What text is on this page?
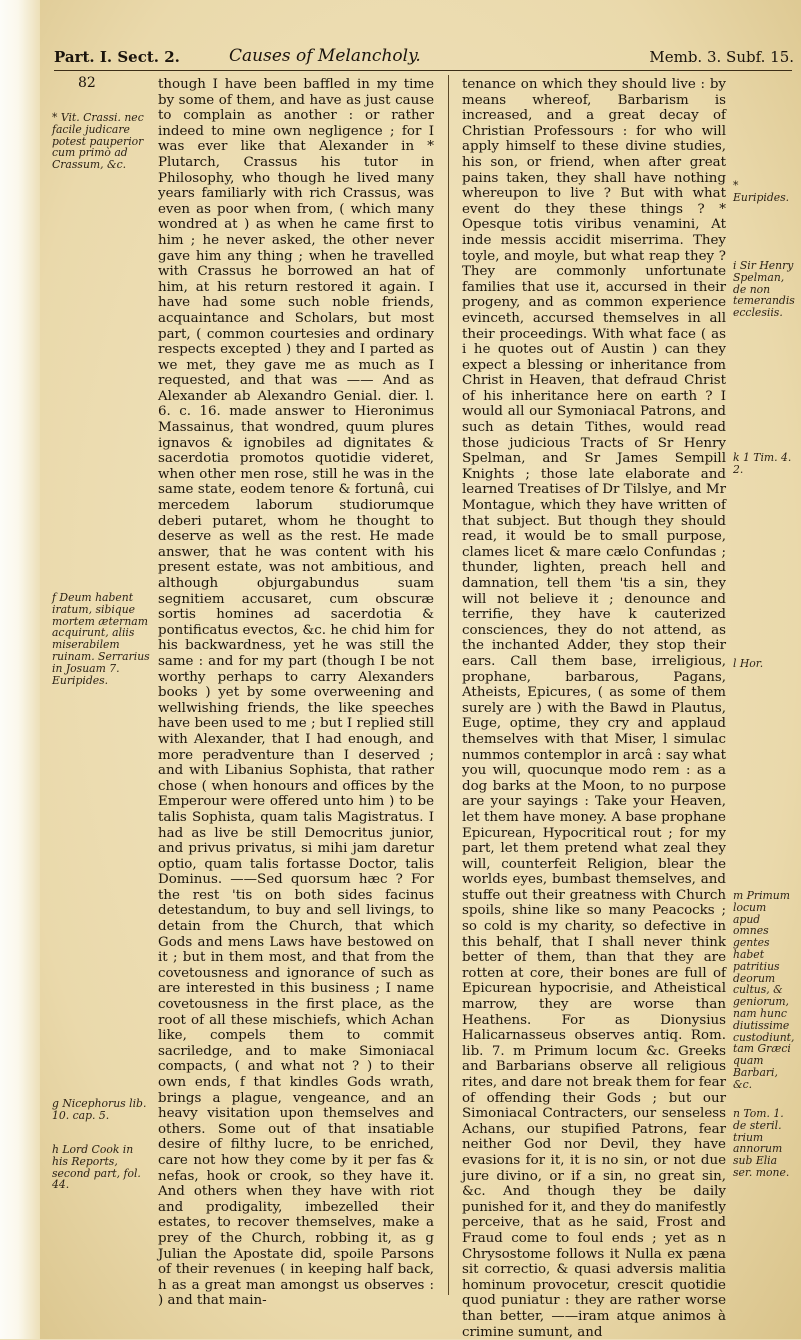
Part. I. Sect. 2.	Causes of Melancholy.	Memb. 3. Subf. 15.
82
* Vit. Crassi. nec facile judicare potest pauperior cum primò ad Crassum, &c.
f Deum habent iratum, sibique mortem æternam acquirunt, aliis miserabilem ruinam. Serrarius in Josuam 7. Euripides.
g Nicephorus lib. 10. cap. 5.
h Lord Cook in his Reports, second part, fol. 44.

though I have been baffled in my time by some of them, and have as just cause to complain as another : or rather indeed to mine own negligence ; for I was ever like that Alexander in * Plutarch, Crassus his tutor in Philosophy, who though he lived many years familiarly with rich Crassus, was even as poor when from, ( which many wondred at ) as when he came first to him ; he never asked, the other never gave him any thing ; when he travelled with Crassus he borrowed an hat of him, at his return restored it again. I have had some such noble friends, acquaintance and Scholars, but most part, ( common courtesies and ordinary respects excepted ) they and I parted as we met, they gave me as much as I requested, and that was —— And as Alexander ab Alexandro Genial. dier. l. 6. c. 16. made answer to Hieronimus Massainus, that wondred, quum plures ignavos & ignobiles ad dignitates & sacerdotia promotos quotidie videret, when other men rose, still he was in the same state, eodem tenore & fortunâ, cui mercedem laborum studiorumque deberi putaret, whom he thought to deserve as well as the rest. He made answer, that he was content with his present estate, was not ambitious, and although objurgabundus suam segnitiem accusaret, cum obscuræ sortis homines ad sacerdotia & pontificatus evectos, &c. he chid him for his backwardness, yet he was still the same : and for my part (though I be not worthy perhaps to carry Alexanders books ) yet by some overweening and wellwishing friends, the like speeches have been used to me ; but I replied still with Alexander, that I had enough, and more peradventure than I deserved ; and with Libanius Sophista, that rather chose ( when honours and offices by the Emperour were offered unto him ) to be talis Sophista, quam talis Magistratus. I had as live be still Democritus junior, and privus privatus, si mihi jam daretur optio, quam talis fortasse Doctor, talis Dominus. ——Sed quorsum hæc ? For the rest 'tis on both sides facinus detestandum, to buy and sell livings, to detain from the Church, that which Gods and mens Laws have bestowed on it ; but in them most, and that from the covetousness and ignorance of such as are interested in this business ; I name covetousness in the first place, as the root of all these mischiefs, which Achan like, compels them to commit sacriledge, and to make Simoniacal compacts, ( and what not ? ) to their own ends, f that kindles Gods wrath, brings a plague, vengeance, and an heavy visitation upon themselves and others. Some out of that insatiable desire of filthy lucre, to be enriched, care not how they come by it per fas & nefas, hook or crook, so they have it. And others when they have with riot and prodigality, imbezelled their estates, to recover themselves, make a prey of the Church, robbing it, as g Julian the Apostate did, spoile Parsons of their revenues ( in keeping half back, h as a great man amongst us observes : ) and that main-

tenance on which they should live : by means whereof, Barbarism is increased, and a great decay of Christian Professours : for who will apply himself to these divine studies, his son, or friend, when after great pains taken, they shall have nothing whereupon to live ? But with what event do they these things ? * Opesque totis viribus venamini, At inde messis accidit miserrima. They toyle, and moyle, but what reap they ? They are commonly unfortunate families that use it, accursed in their progeny, and as common experience evinceth, accursed themselves in all their proceedings. With what face ( as i he quotes out of Austin ) can they expect a blessing or inheritance from Christ in Heaven, that defraud Christ of his inheritance here on earth ? I would all our Symoniacal Patrons, and such as detain Tithes, would read those judicious Tracts of Sr Henry Spelman, and Sr James Sempill Knights ; those late elaborate and learned Treatises of Dr Tilslye, and Mr Montague, which they have written of that subject. But though they should read, it would be to small purpose, clames licet & mare cælo Confundas ; thunder, lighten, preach hell and damnation, tell them 'tis a sin, they will not believe it ; denounce and terrifie, they have k cauterized consciences, they do not attend, as the inchanted Adder, they stop their ears. Call them base, irreligious, prophane, barbarous, Pagans, Atheists, Epicures, ( as some of them surely are ) with the Bawd in Plautus, Euge, optime, they cry and applaud themselves with that Miser, l simulac nummos contemplor in arcâ : say what you will, quocunque modo rem : as a dog barks at the Moon, to no purpose are your sayings : Take your Heaven, let them have money. A base prophane Epicurean, Hypocritical rout ; for my part, let them pretend what zeal they will, counterfeit Religion, blear the worlds eyes, bumbast themselves, and stuffe out their greatness with Church spoils, shine like so many Peacocks ; so cold is my charity, so defective in this behalf, that I shall never think better of them, than that they are rotten at core, their bones are full of Epicurean hypocrisie, and Atheistical marrow, they are worse than Heathens. For as Dionysius Halicarnasseus observes antiq. Rom. lib. 7. m Primum locum &c. Greeks and Barbarians observe all religious rites, and dare not break them for fear of offending their Gods ; but our Simoniacal Contracters, our senseless Achans, our stupified Patrons, fear neither God nor Devil, they have evasions for it, it is no sin, or not due jure divino, or if a sin, no great sin, &c. And though they be daily punished for it, and they do manifestly perceive, that as he said, Frost and Fraud come to foul ends ; yet as n Chrysostome follows it Nulla ex pæna sit correctio, & quasi adversis malitia hominum provocetur, crescit quotidie quod puniatur : they are rather worse than better, ——iram atque animos à crimine sumunt, and

* Euripides.
i Sir Henry Spelman, de non temerandis ecclesiis.
k 1 Tim. 4. 2.
l Hor.
m Primum locum apud omnes gentes habet patritius deorum cultus, & geniorum, nam hunc diutissime custodiunt, tam Græci quam Barbari, &c.
n Tom. 1. de steril. trium annorum sub Elia ser. mone.
